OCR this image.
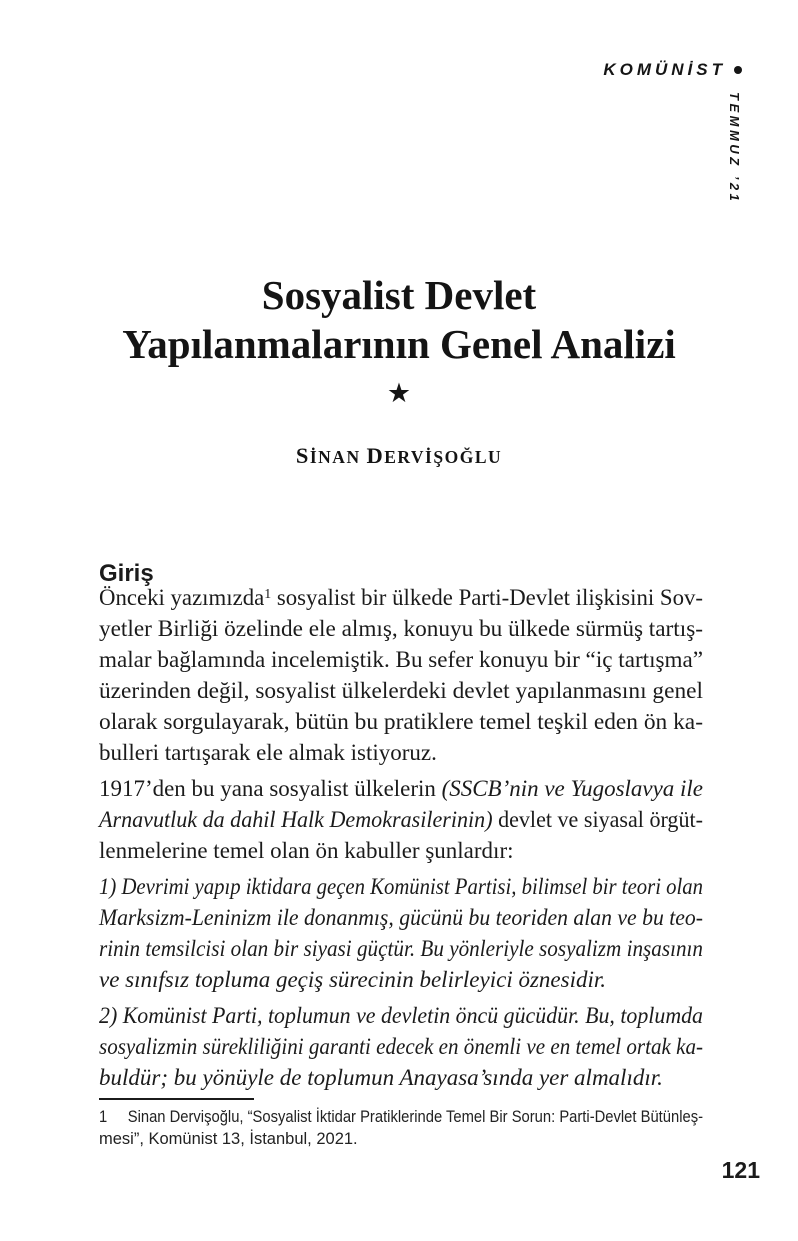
KOMÜNİST
TEMMUZ ’21
Sosyalist Devlet
Yapılanmalarının Genel Analizi
★
SİNAN DERVİŞOĞLU
Giriş
Önceki yazımızda$^1$ sosyalist bir ülkede Parti-Devlet ilişkisini Sov-
yetler Birliği özelinde ele almış, konuyu bu ülkede sürmüş tartış-
malar bağlamında incelemiştik. Bu sefer konuyu bir “iç tartışma”
üzerinden değil, sosyalist ülkelerdeki devlet yapılanmasını genel
olarak sorgulayarak, bütün bu pratiklere temel teşkil eden ön ka-
bulleri tartışarak ele almak istiyoruz.
1917’den bu yana sosyalist ülkelerin (SSCB’nin ve Yugoslavya ile
Arnavutluk da dahil Halk Demokrasilerinin) devlet ve siyasal örgüt-
lenmelerine temel olan ön kabuller şunlardır:
1) Devrimi yapıp iktidara geçen Komünist Partisi, bilimsel bir teori olan
Marksizm-Leninizm ile donanmış, gücünü bu teoriden alan ve bu teo-
rinin temsilcisi olan bir siyasi güçtür. Bu yönleriyle sosyalizm inşasının
ve sınıfsız topluma geçiş sürecinin belirleyici öznesidir.
2) Komünist Parti, toplumun ve devletin öncü gücüdür. Bu, toplumda
sosyalizmin sürekliliğini garanti edecek en önemli ve en temel ortak ka-
buldür; bu yönüyle de toplumun Anayasa’sında yer almalıdır.
1     Sinan Dervişoğlu, “Sosyalist İktidar Pratiklerinde Temel Bir Sorun: Parti-Devlet Bütünleş-
mesi”, Komünist 13, İstanbul, 2021.
121
